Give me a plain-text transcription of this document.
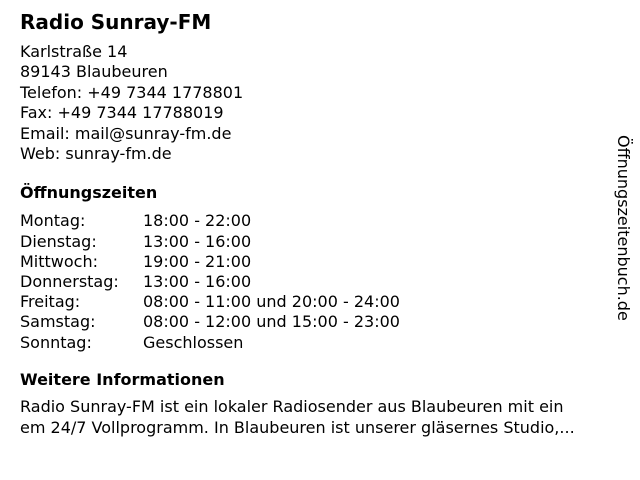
Radio Sunray-FM
Karlstraße 14
89143 Blaubeuren
Telefon: +49 7344 1778801
Fax: +49 7344 17788019
Email: mail@sunray-fm.de
Web: sunray-fm.de
Öffnungszeiten
Montag:	18:00 - 22:00
Dienstag:	13:00 - 16:00
Mittwoch:	19:00 - 21:00
Donnerstag:	13:00 - 16:00
Freitag:	08:00 - 11:00 und 20:00 - 24:00
Samstag:	08:00 - 12:00 und 15:00 - 23:00
Sonntag:	Geschlossen
Weitere Informationen
Radio Sunray-FM ist ein lokaler Radiosender aus Blaubeuren mit ein
em 24/7 Vollprogramm. In Blaubeuren ist unserer gläsernes Studio,...
Öffnungszeitenbuch.de
